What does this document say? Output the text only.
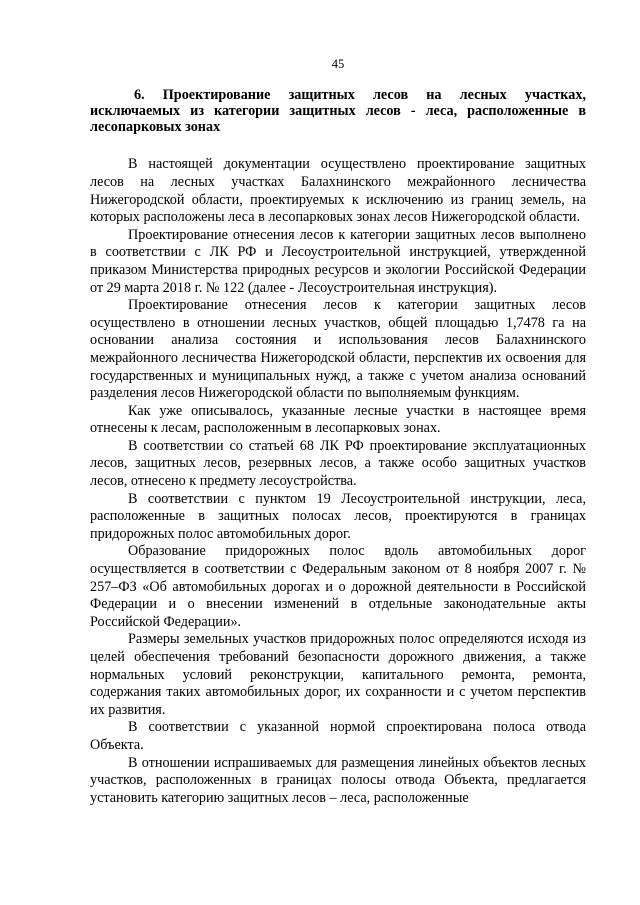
45
6. Проектирование защитных лесов на лесных участках, исключаемых из категории защитных лесов - леса, расположенные в лесопарковых зонах

В настоящей документации осуществлено проектирование защитных лесов на лесных участках Балахнинского межрайонного лесничества Нижегородской области, проектируемых к исключению из границ земель, на которых расположены леса в лесопарковых зонах лесов Нижегородской области.

Проектирование отнесения лесов к категории защитных лесов выполнено в соответствии с ЛК РФ и Лесоустроительной инструкцией, утвержденной приказом Министерства природных ресурсов и экологии Российской Федерации от 29 марта 2018 г. № 122 (далее - Лесоустроительная инструкция).

Проектирование отнесения лесов к категории защитных лесов осуществлено в отношении лесных участков, общей площадью 1,7478 га на основании анализа состояния и использования лесов Балахнинского межрайонного лесничества Нижегородской области, перспектив их освоения для государственных и муниципальных нужд, а также с учетом анализа оснований разделения лесов Нижегородской области по выполняемым функциям.

Как уже описывалось, указанные лесные участки в настоящее время отнесены к лесам, расположенным в лесопарковых зонах.

В соответствии со статьей 68 ЛК РФ проектирование эксплуатационных лесов, защитных лесов, резервных лесов, а также особо защитных участков лесов, отнесено к предмету лесоустройства.

В соответствии с пунктом 19 Лесоустроительной инструкции, леса, расположенные в защитных полосах лесов, проектируются в границах придорожных полос автомобильных дорог.

Образование придорожных полос вдоль автомобильных дорог осуществляется в соответствии с Федеральным законом от 8 ноября 2007 г. № 257–ФЗ «Об автомобильных дорогах и о дорожной деятельности в Российской Федерации и о внесении изменений в отдельные законодательные акты Российской Федерации».

Размеры земельных участков придорожных полос определяются исходя из целей обеспечения требований безопасности дорожного движения, а также нормальных условий реконструкции, капитального ремонта, ремонта, содержания таких автомобильных дорог, их сохранности и с учетом перспектив их развития.

В соответствии с указанной нормой спроектирована полоса отвода Объекта.

В отношении испрашиваемых для размещения линейных объектов лесных участков, расположенных в границах полосы отвода Объекта, предлагается установить категорию защитных лесов – леса, расположенные
